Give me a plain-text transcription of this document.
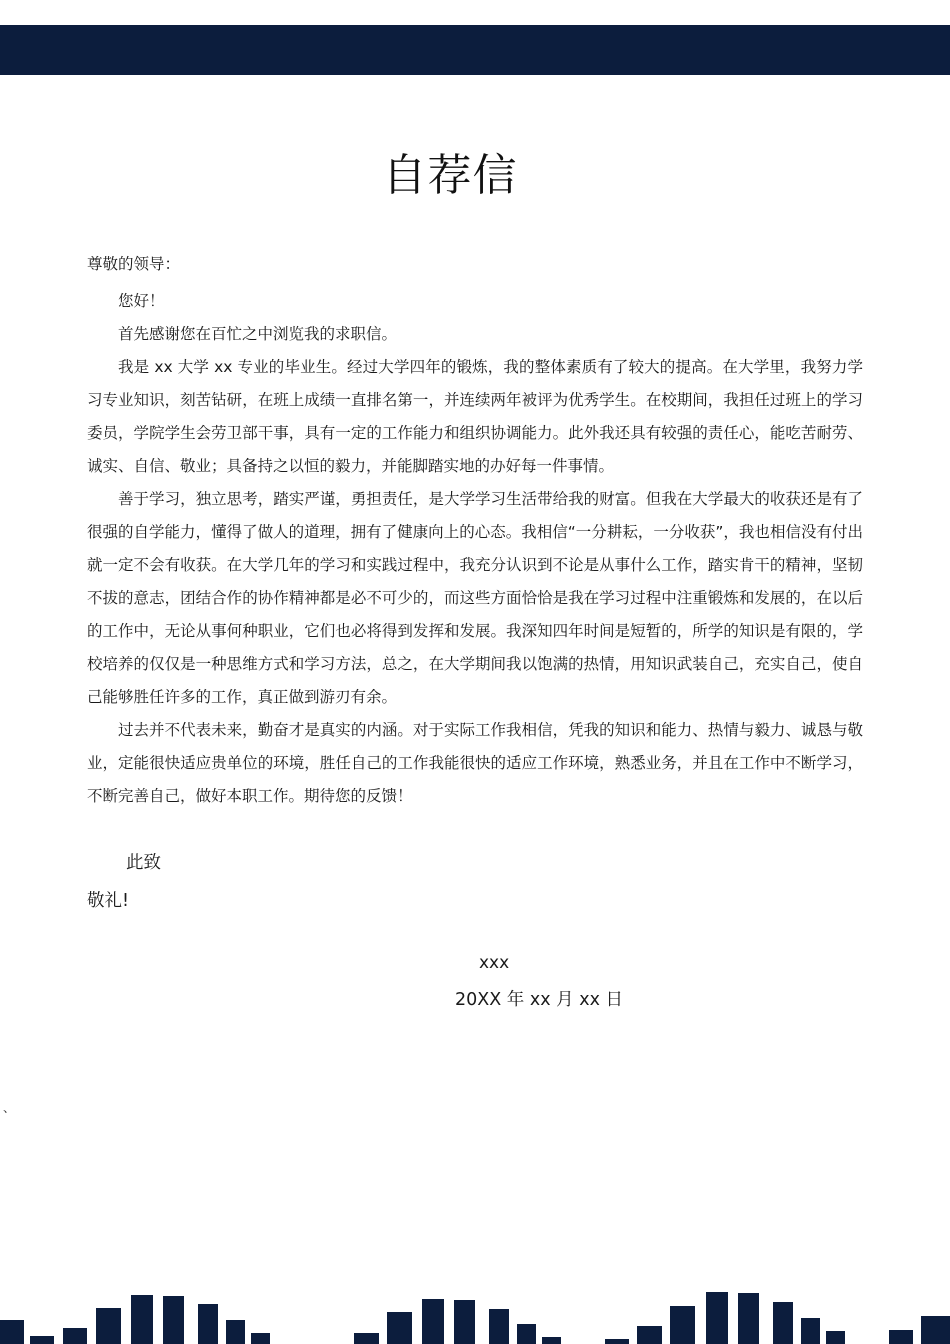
自荐信
尊敬的领导：

您好！

首先感谢您在百忙之中浏览我的求职信。

我是 xx 大学 xx 专业的毕业生。经过大学四年的锻炼，我的整体素质有了较大的提高。在大学里，我努力学习专业知识，刻苦钻研，在班上成绩一直排名第一，并连续两年被评为优秀学生。在校期间，我担任过班上的学习委员，学院学生会劳卫部干事，具有一定的工作能力和组织协调能力。此外我还具有较强的责任心，能吃苦耐劳、诚实、自信、敬业；具备持之以恒的毅力，并能脚踏实地的办好每一件事情。

善于学习，独立思考，踏实严谨，勇担责任，是大学学习生活带给我的财富。但我在大学最大的收获还是有了很强的自学能力，懂得了做人的道理，拥有了健康向上的心态。我相信“一分耕耘，一分收获”，我也相信没有付出就一定不会有收获。在大学几年的学习和实践过程中，我充分认识到不论是从事什么工作，踏实肯干的精神，坚韧不拔的意志，团结合作的协作精神都是必不可少的，而这些方面恰恰是我在学习过程中注重锻炼和发展的，在以后的工作中，无论从事何种职业，它们也必将得到发挥和发展。我深知四年时间是短暂的，所学的知识是有限的，学校培养的仅仅是一种思维方式和学习方法，总之，在大学期间我以饱满的热情，用知识武装自己，充实自己，使自己能够胜任许多的工作，真正做到游刃有余。

过去并不代表未来，勤奋才是真实的内涵。对于实际工作我相信，凭我的知识和能力、热情与毅力、诚恳与敬业，定能很快适应贵单位的环境，胜任自己的工作我能很快的适应工作环境，熟悉业务，并且在工作中不断学习，不断完善自己，做好本职工作。期待您的反馈！

此致
敬礼!
xxx
20XX 年 xx 月 xx 日
、
